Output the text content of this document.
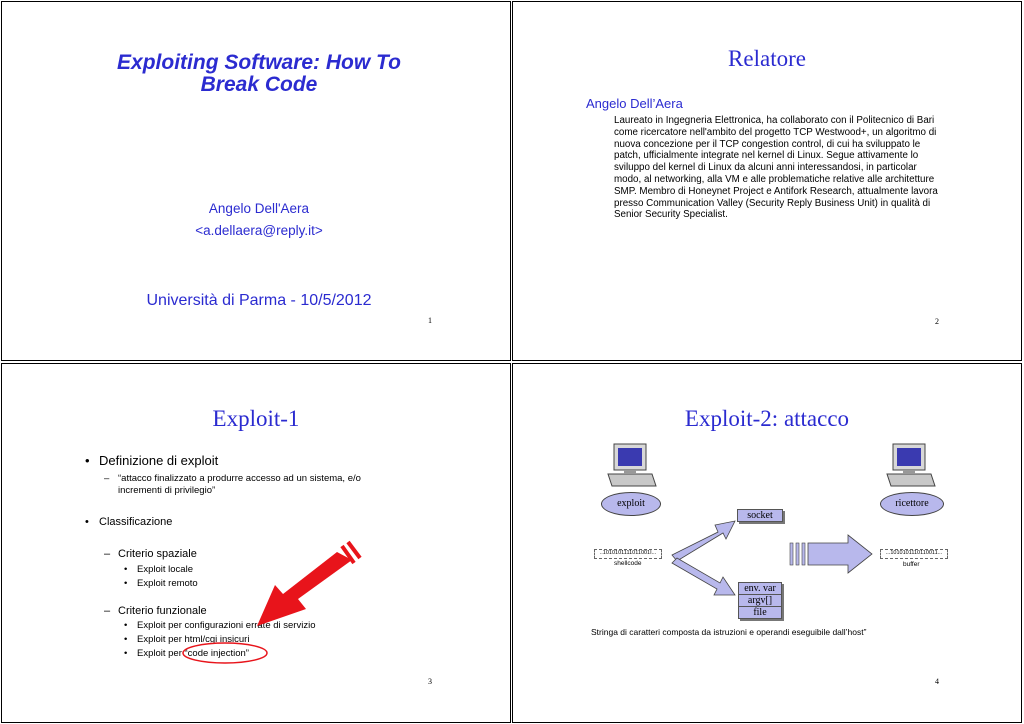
Exploiting Software: How To
Break Code
Angelo Dell'Aera
<a.dellaera@reply.it>
Università di Parma - 10/5/2012
1
Relatore
Angelo Dell’Aera
Laureato in Ingegneria Elettronica, ha collaborato con il Politecnico di Bari come ricercatore nell'ambito del progetto TCP Westwood+, un algoritmo di nuova concezione per il TCP congestion control, di cui ha sviluppato le patch, ufficialmente integrate nel kernel di Linux. Segue attivamente lo sviluppo del kernel di Linux da alcuni anni interessandosi, in particolar modo, al networking, alla VM e alle problematiche relative alle architetture SMP. Membro di Honeynet Project e Antifork Research, attualmente lavora presso Communication Valley (Security Reply Business Unit) in qualità di Senior Security Specialist.
2
Exploit-1
• Definizione di exploit
– “attacco finalizzato a produrre accesso ad un sistema, e/o
incrementi di privilegio”
• Classificazione
– Criterio spaziale
• Exploit locale
• Exploit remoto
– Criterio funzionale
• Exploit per configurazioni errate di servizio
• Exploit per html/cgi insicuri
• Exploit per “code injection”
3
Exploit-2: attacco
exploit	ricettore
socket
env. var
argv[]
file
..1010101111011001I...
shellcode
...1010101110110011...
buffer
Stringa di caratteri composta da istruzioni e operandi eseguibile dall’host”
4
